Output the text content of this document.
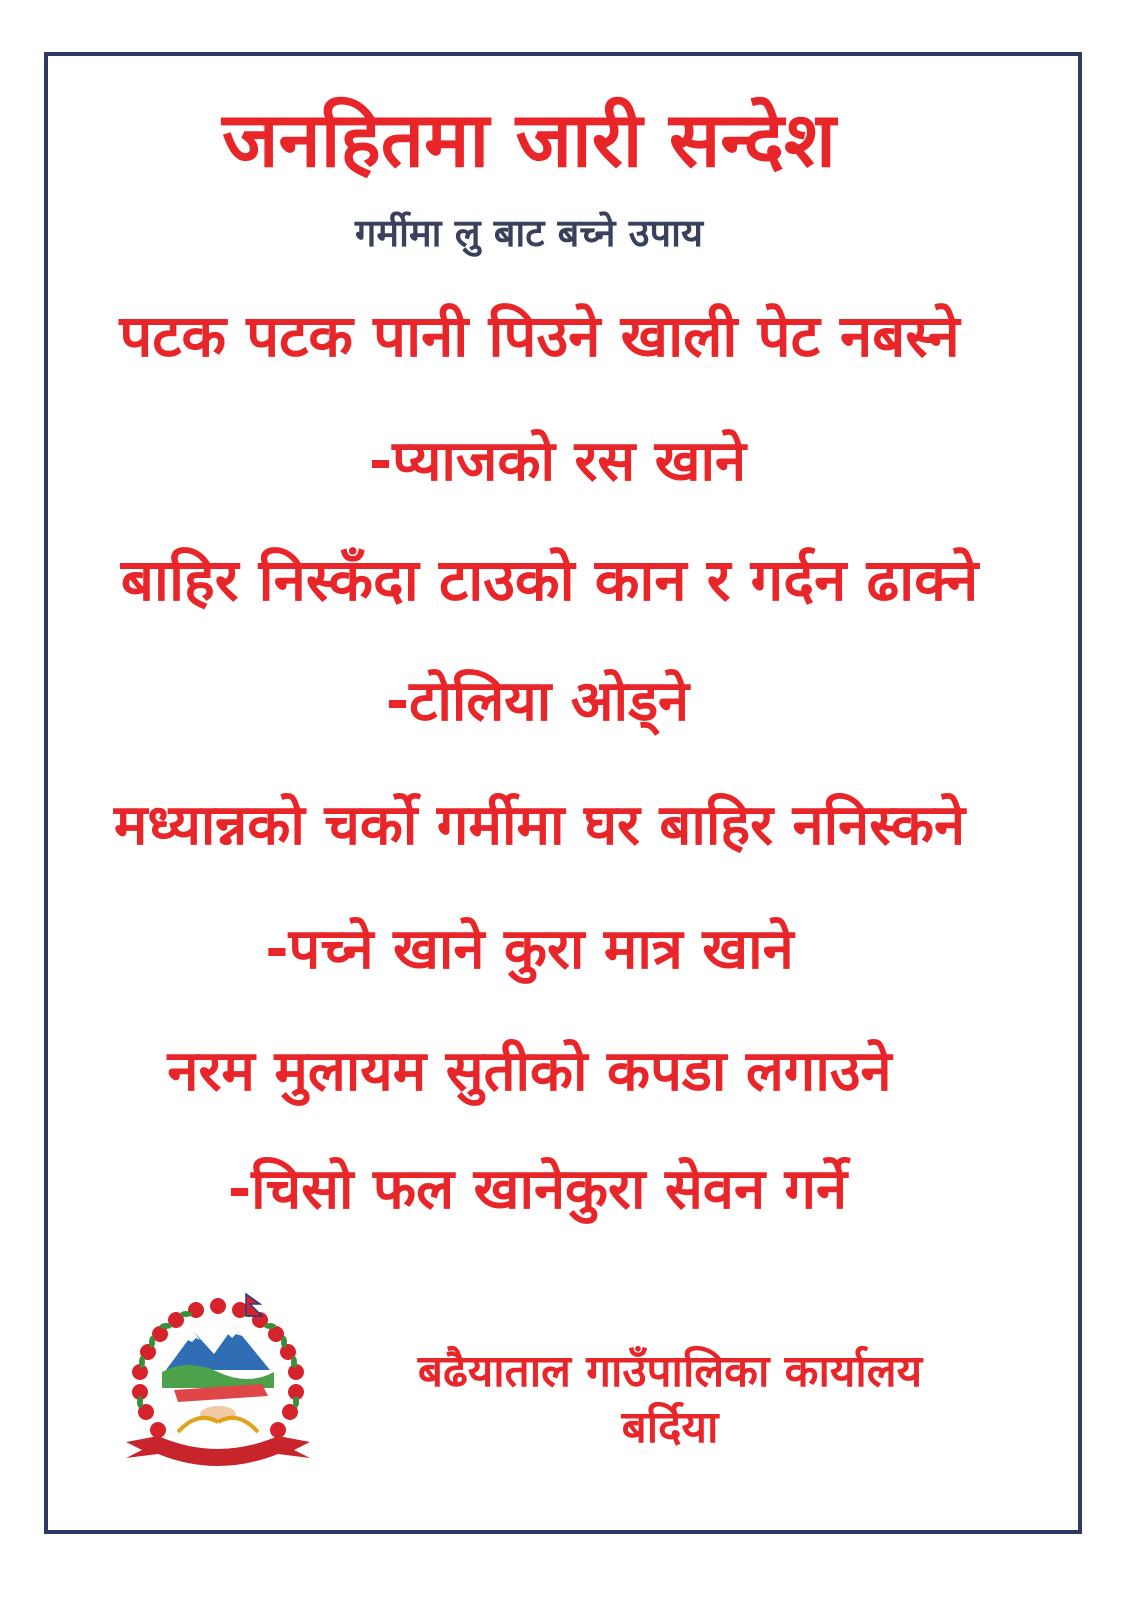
जनहितमा जारी सन्देश
गर्मीमा लु बाट बच्ने उपाय
पटक पटक पानी पिउने खाली पेट नबस्ने
-प्याजको रस खाने
बाहिर निस्कँदा टाउको कान र गर्दन ढाक्ने
-टोलिया ओड्ने
मध्यान्नको चर्को गर्मीमा घर बाहिर ननिस्कने
-पच्ने खाने कुरा मात्र खाने
नरम मुलायम सुतीको कपडा लगाउने
-चिसो फल खानेकुरा सेवन गर्ने
बढैयाताल गाउँपालिका कार्यालय
बर्दिया
